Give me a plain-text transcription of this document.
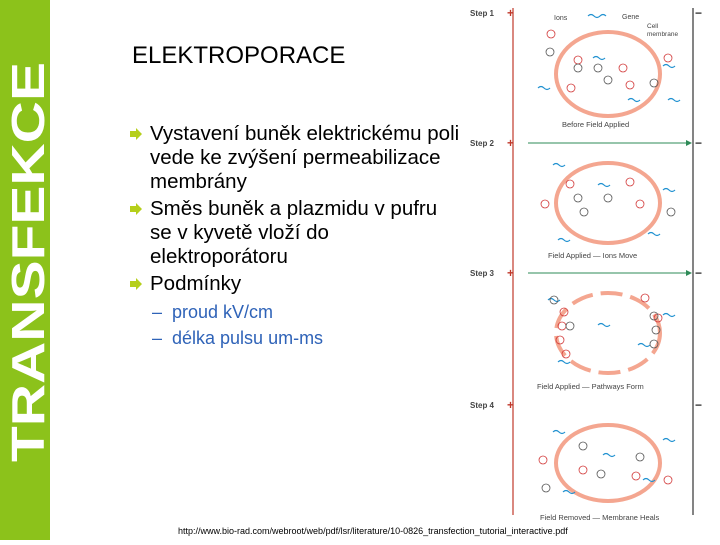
TRANSFEKCE
ELEKTROPORACE
Vystavení buněk elektrickému poli vede ke zvýšení permeabilizace membrány
Směs buněk a plazmidu v pufru se v kyvetě vloží do elektroporátoru
Podmínky
– proud kV/cm
– délka pulsu um-ms
Step 1
Step 2
Step 3
Step 4
+	−
+	−
+	−
+	−
Ions	Gene
Cell
membrane
Before Field Applied
Field Applied — Ions Move
Field Applied — Pathways Form
Field Removed — Membrane Heals
http://www.bio-rad.com/webroot/web/pdf/lsr/literature/10-0826_transfection_tutorial_interactive.pdf
